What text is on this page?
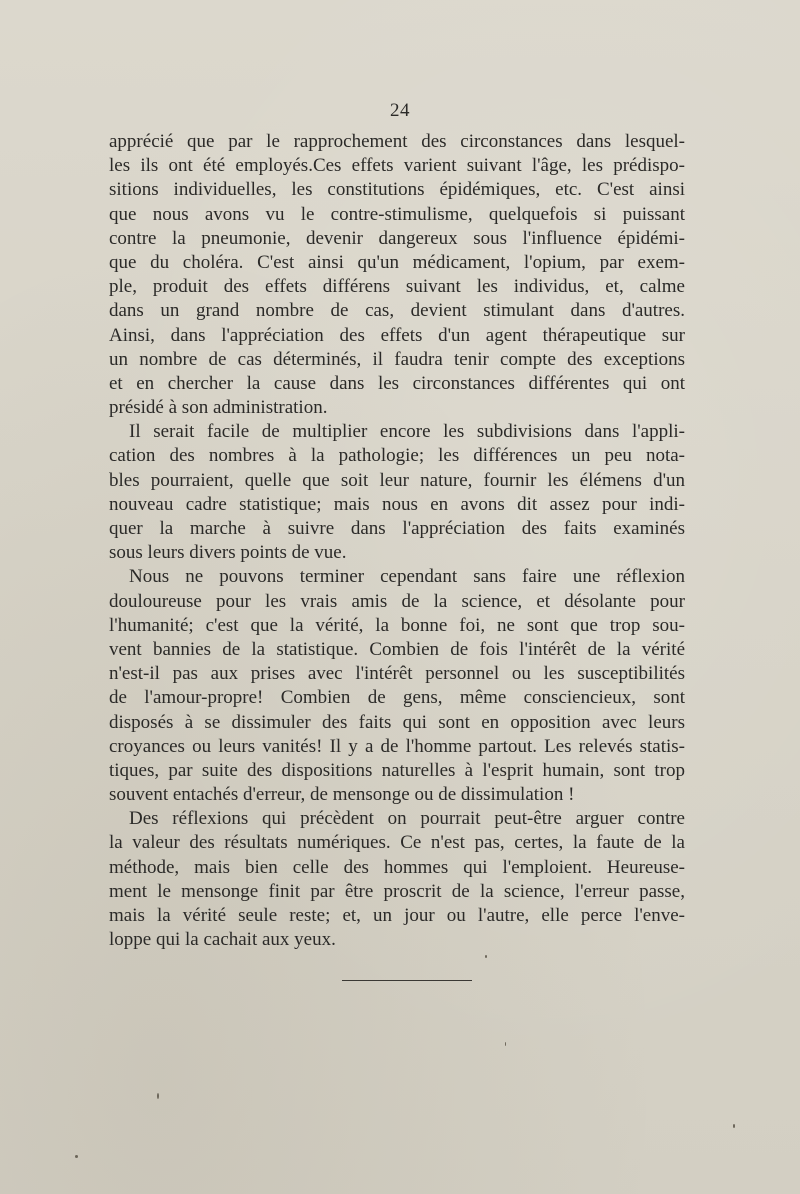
24
apprécié que par le rapprochement des circonstances dans lesquel-
les ils ont été employés.Ces effets varient suivant l'âge, les prédispo-
sitions individuelles, les constitutions épidémiques, etc. C'est ainsi
que nous avons vu le contre-stimulisme, quelquefois si puissant
contre la pneumonie, devenir dangereux sous l'influence épidémi-
que du choléra. C'est ainsi qu'un médicament, l'opium, par exem-
ple, produit des effets différens suivant les individus, et, calme
dans un grand nombre de cas, devient stimulant dans d'autres.
Ainsi, dans l'appréciation des effets d'un agent thérapeutique sur
un nombre de cas déterminés, il faudra tenir compte des exceptions
et en chercher la cause dans les circonstances différentes qui ont
présidé à son administration.
Il serait facile de multiplier encore les subdivisions dans l'appli-
cation des nombres à la pathologie; les différences un peu nota-
bles pourraient, quelle que soit leur nature, fournir les élémens d'un
nouveau cadre statistique; mais nous en avons dit assez pour indi-
quer la marche à suivre dans l'appréciation des faits examinés
sous leurs divers points de vue.
Nous ne pouvons terminer cependant sans faire une réflexion
douloureuse pour les vrais amis de la science, et désolante pour
l'humanité; c'est que la vérité, la bonne foi, ne sont que trop sou-
vent bannies de la statistique. Combien de fois l'intérêt de la vérité
n'est-il pas aux prises avec l'intérêt personnel ou les susceptibilités
de l'amour-propre! Combien de gens, même consciencieux, sont
disposés à se dissimuler des faits qui sont en opposition avec leurs
croyances ou leurs vanités! Il y a de l'homme partout. Les relevés statis-
tiques, par suite des dispositions naturelles à l'esprit humain, sont trop
souvent entachés d'erreur, de mensonge ou de dissimulation !
Des réflexions qui précèdent on pourrait peut-être arguer contre
la valeur des résultats numériques. Ce n'est pas, certes, la faute de la
méthode, mais bien celle des hommes qui l'emploient. Heureuse-
ment le mensonge finit par être proscrit de la science, l'erreur passe,
mais la vérité seule reste; et, un jour ou l'autre, elle perce l'enve-
loppe qui la cachait aux yeux.
